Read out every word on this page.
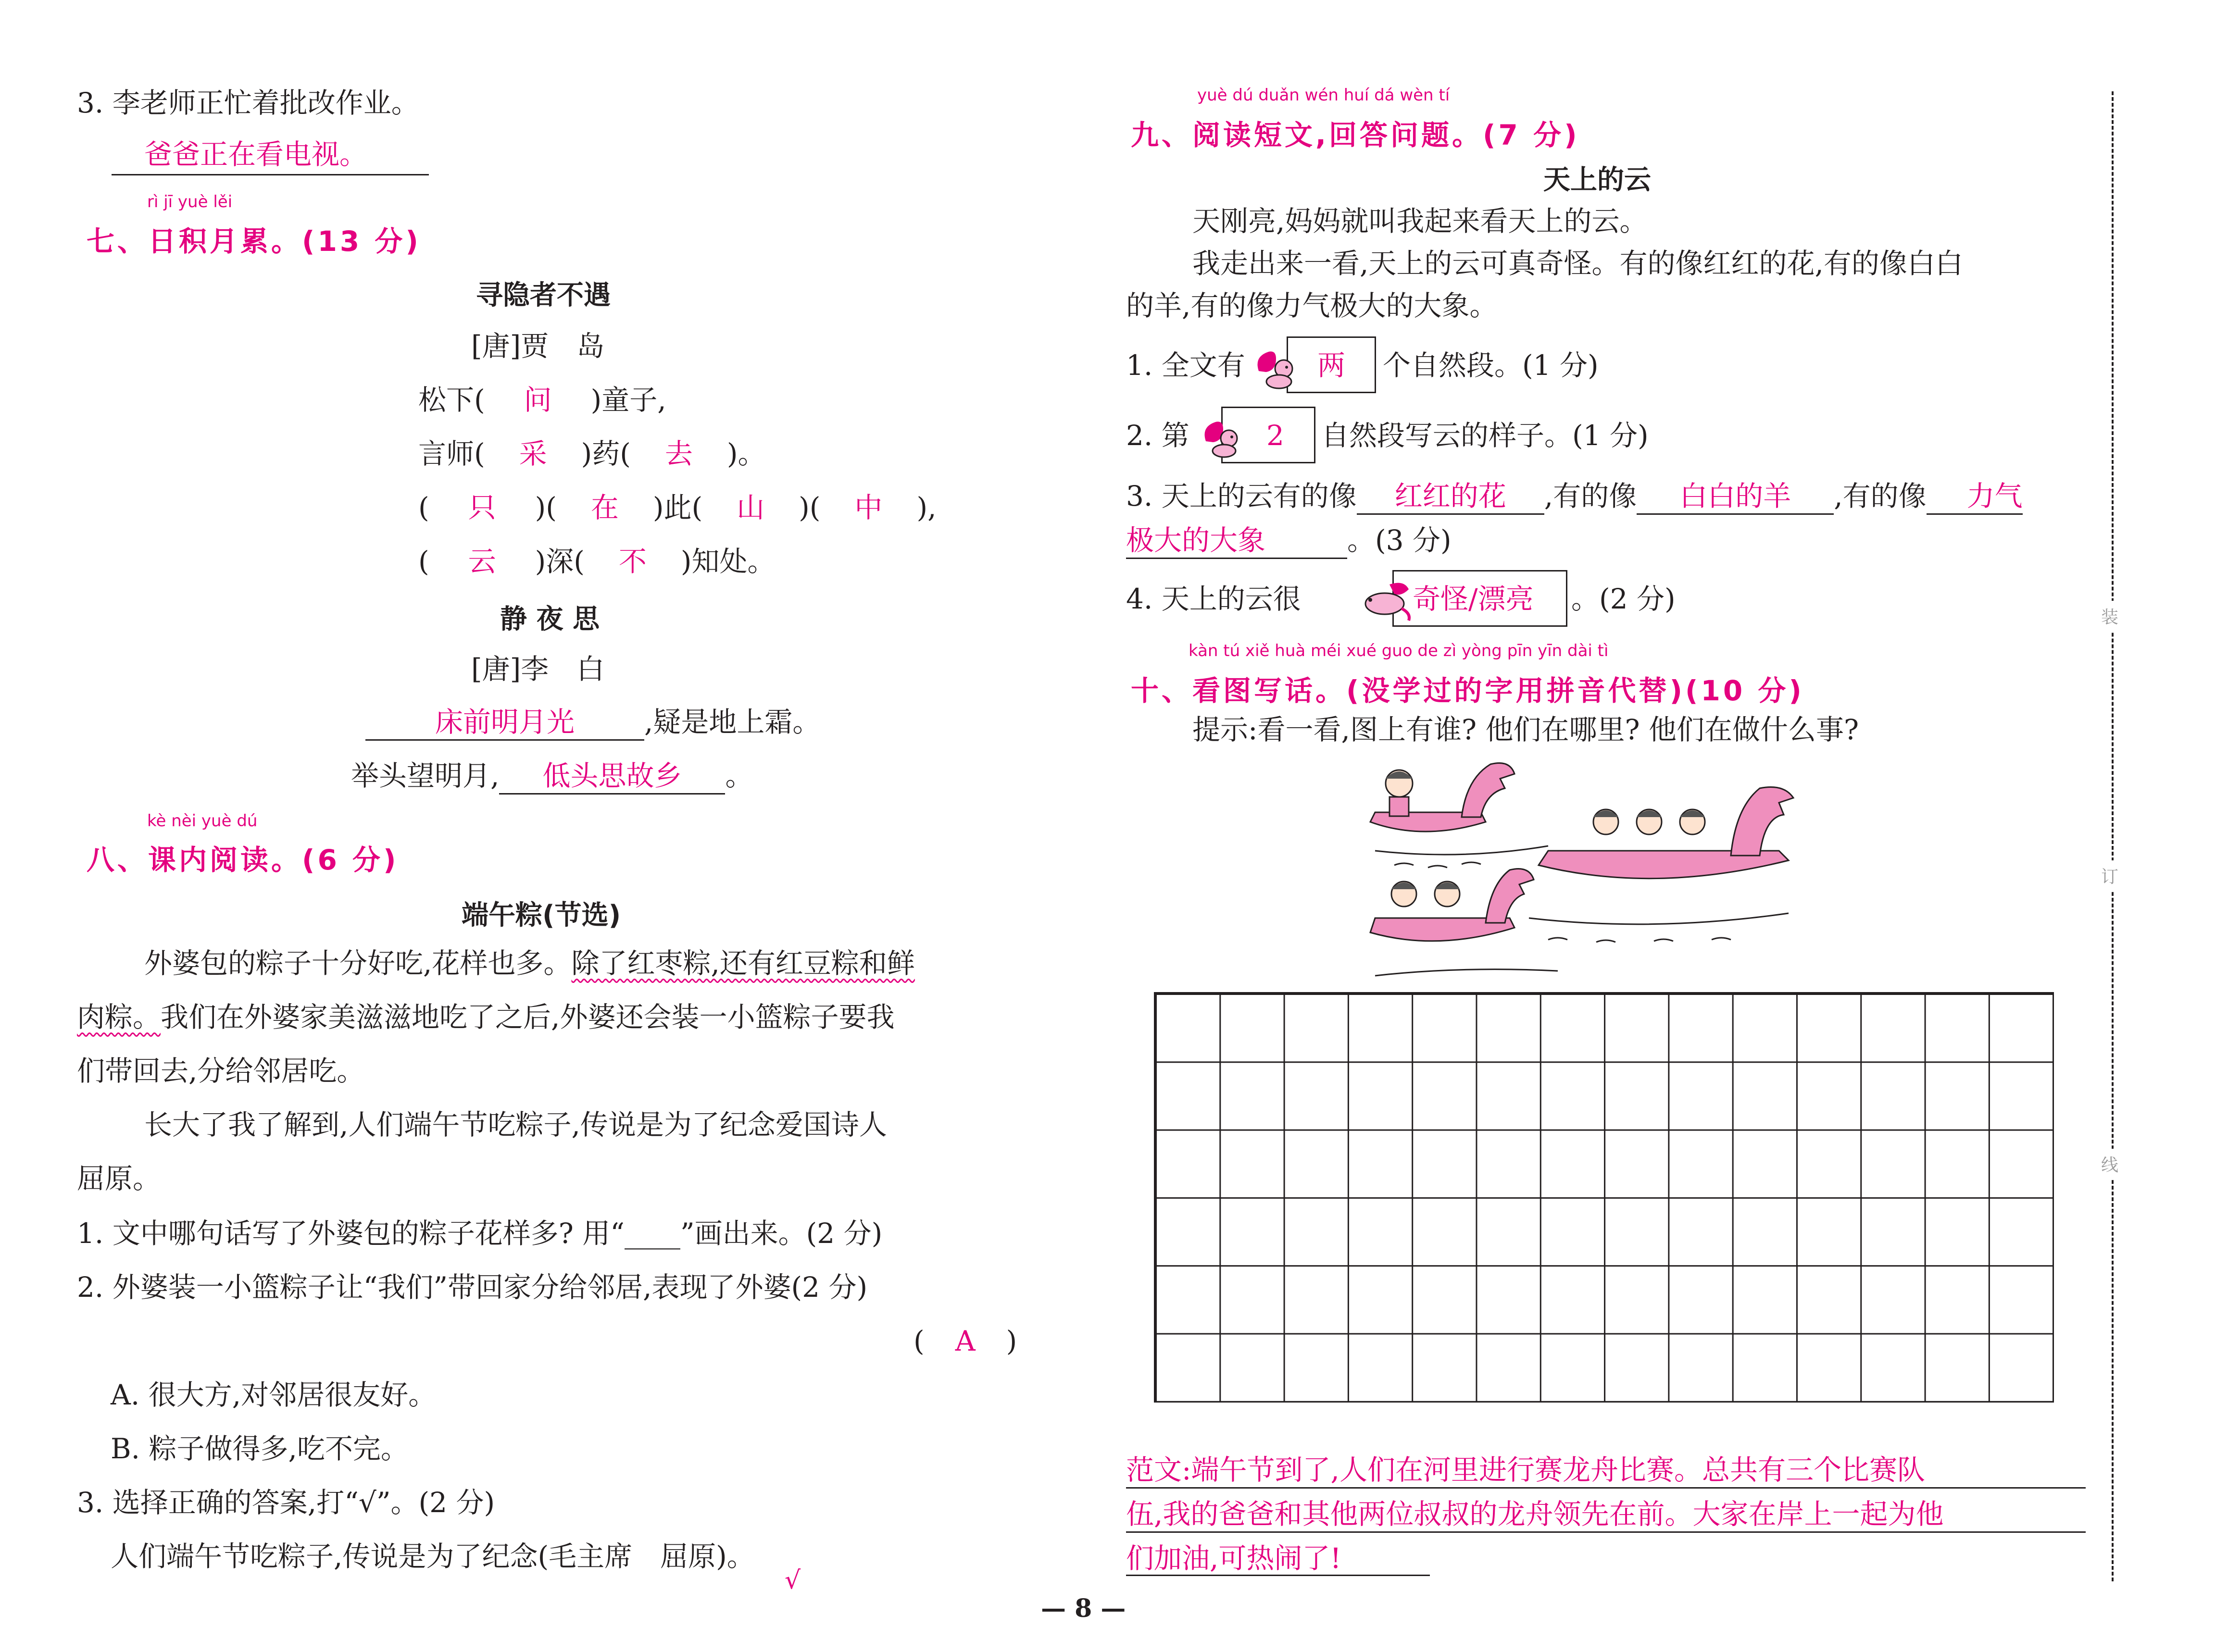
3. 李老师正忙着批改作业。
爸爸正在看电视。
rì jī yuè lěi
七、日积月累。(13 分)
寻隐者不遇
[唐]贾　岛
松下( 问 )童子,
言师( 采 )药( 去 )。
( 只 )( 在 )此( 山 )( 中 ),
( 云 )深( 不 )知处。
静 夜 思
[唐]李　白
床前明月光	,疑是地上霜。
举头望明月, 低头思故乡 。
kè nèi yuè dú
八、课内阅读。(6 分)
端午粽(节选)
外婆包的粽子十分好吃,花样也多。除了红枣粽,还有红豆粽和鲜
肉粽。我们在外婆家美滋滋地吃了之后,外婆还会装一小篮粽子要我
们带回去,分给邻居吃。
长大了我了解到,人们端午节吃粽子,传说是为了纪念爱国诗人
屈原。
1. 文中哪句话写了外婆包的粽子花样多? 用“____”画出来。(2 分)
2. 外婆装一小篮粽子让“我们”带回家分给邻居,表现了外婆(2 分)
( A )
A. 很大方,对邻居很友好。
B. 粽子做得多,吃不完。
3. 选择正确的答案,打“√”。(2 分)
人们端午节吃粽子,传说是为了纪念(毛主席　屈原)。
√
yuè dú duǎn wén huí dá wèn tí
九、阅读短文,回答问题。(7 分)
天上的云
天刚亮,妈妈就叫我起来看天上的云。
我走出来一看,天上的云可真奇怪。有的像红红的花,有的像白白
的羊,有的像力气极大的大象。
1. 全文有	两 个自然段。(1 分)
2. 第	2 自然段写云的样子。(1 分)
3. 天上的云有的像 红红的花 ,有的像 白白的羊 ,有的像 力气
极大的大象	。(3 分)
4. 天上的云很	奇怪/漂亮 。(2 分)
kàn tú xiě huà méi xué guo de zì yòng pīn yīn dài tì
十、看图写话。(没学过的字用拼音代替)(10 分)
提示:看一看,图上有谁? 他们在哪里? 他们在做什么事?
范文:端午节到了,人们在河里进行赛龙舟比赛。总共有三个比赛队
伍,我的爸爸和其他两位叔叔的龙舟领先在前。大家在岸上一起为他
们加油,可热闹了!
装
订
线
— 8 —
